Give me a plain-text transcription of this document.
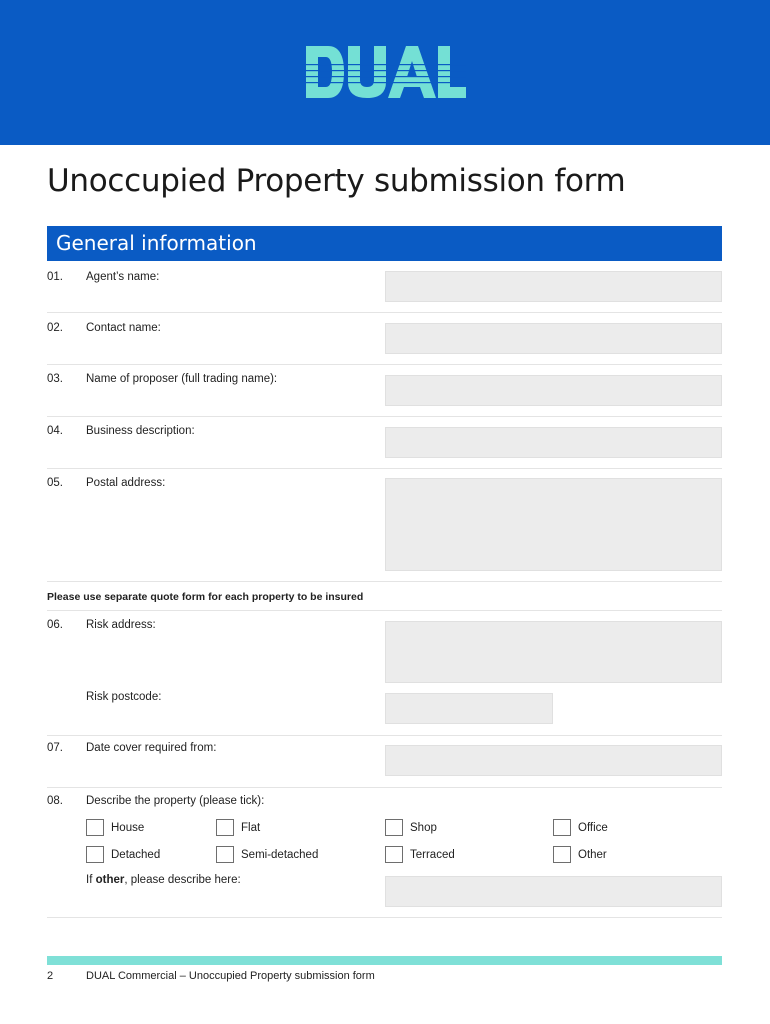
Unoccupied Property submission form
General information
01. Agent’s name:
02. Contact name:
03. Name of proposer (full trading name):
04. Business description:
05. Postal address:
Please use separate quote form for each property to be insured
06. Risk address:
Risk postcode:
07. Date cover required from:
08. Describe the property (please tick):
House	Flat	Shop	Office
Detached	Semi-detached	Terraced	Other
If other, please describe here:
2	DUAL Commercial – Unoccupied Property submission form
